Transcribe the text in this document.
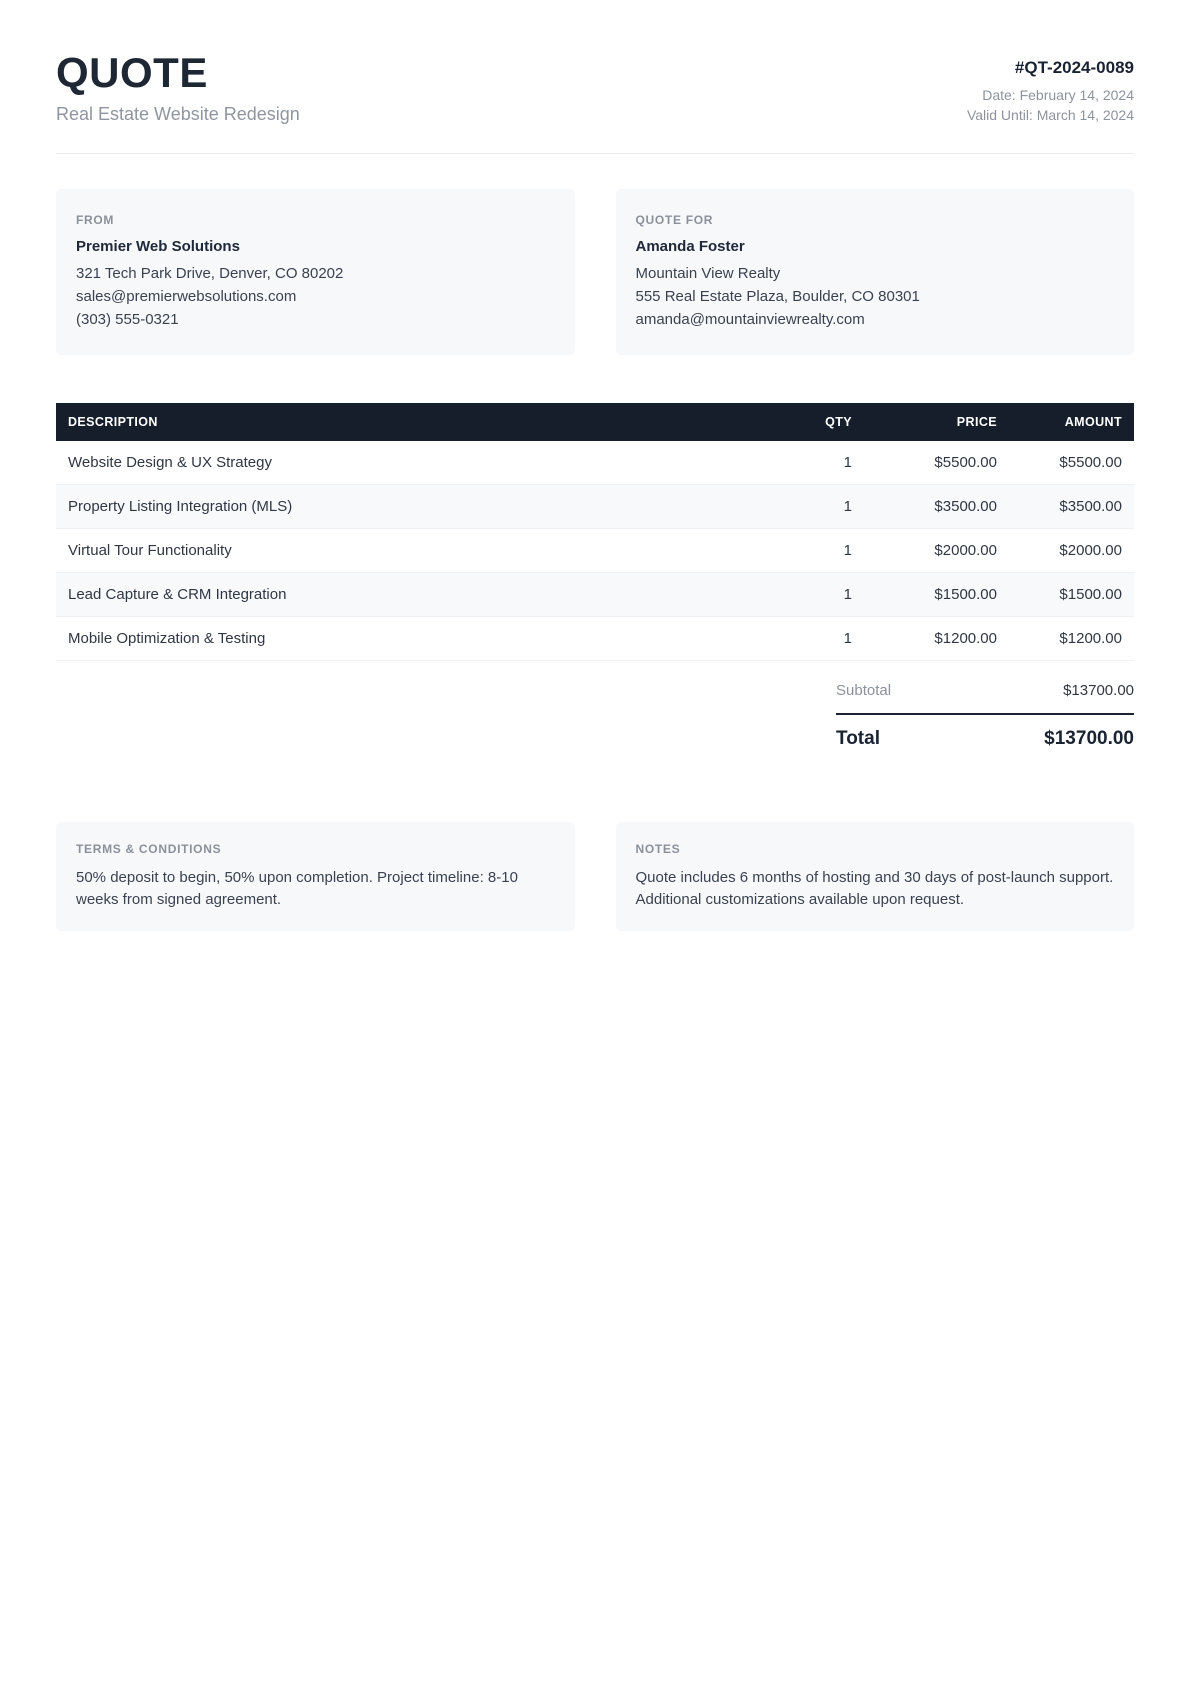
QUOTE
Real Estate Website Redesign
#QT-2024-0089
Date: February 14, 2024
Valid Until: March 14, 2024
FROM
Premier Web Solutions
321 Tech Park Drive, Denver, CO 80202
sales@premierwebsolutions.com
(303) 555-0321
QUOTE FOR
Amanda Foster
Mountain View Realty
555 Real Estate Plaza, Boulder, CO 80301
amanda@mountainviewrealty.com
DESCRIPTION	QTY	PRICE	AMOUNT
Website Design & UX Strategy	1	$5500.00	$5500.00
Property Listing Integration (MLS)	1	$3500.00	$3500.00
Virtual Tour Functionality	1	$2000.00	$2000.00
Lead Capture & CRM Integration	1	$1500.00	$1500.00
Mobile Optimization & Testing	1	$1200.00	$1200.00
Subtotal	$13700.00
Total	$13700.00
TERMS & CONDITIONS
50% deposit to begin, 50% upon completion. Project timeline: 8-10 weeks from signed agreement.
NOTES
Quote includes 6 months of hosting and 30 days of post-launch support. Additional customizations available upon request.
